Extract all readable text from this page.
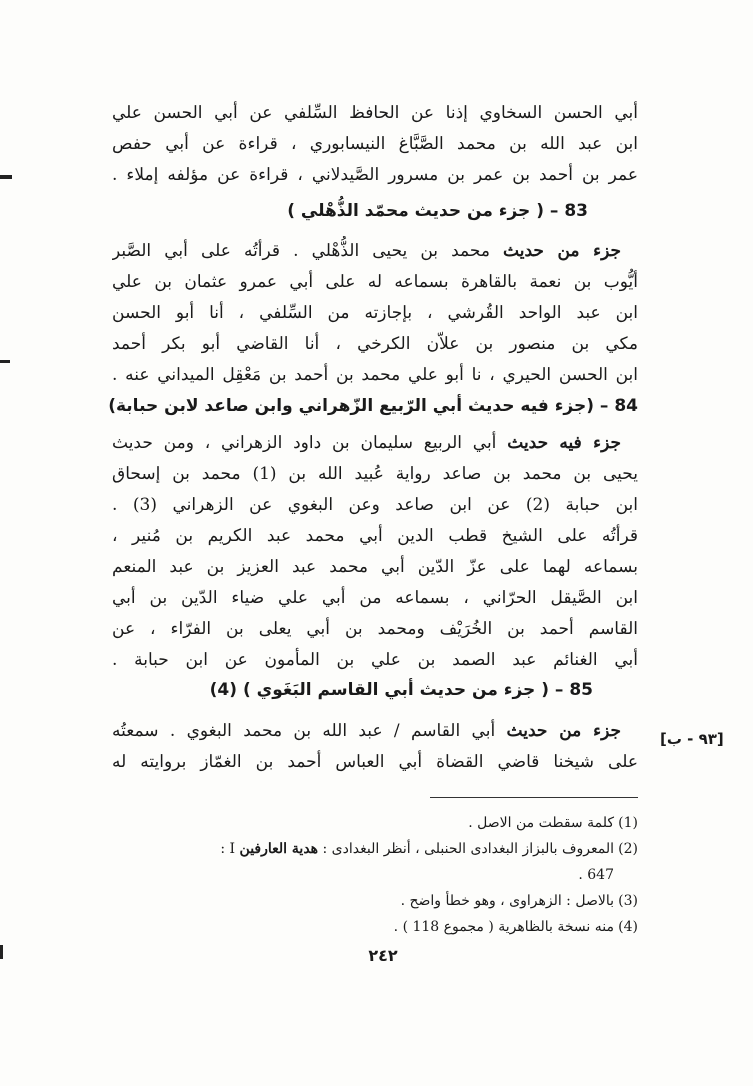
أبي الحسن السخاوي إذنا عن الحافظ السِّلفي عن أبي الحسن علي
ابن عبد الله بن محمد الصَّبَّاغ النيسابوري ، قراءة عن أبي حفص
عمر بن أحمد بن عمر بن مسرور الصَّيدلاني ، قراءة عن مؤلفه إملاء .
83 – ( جزء من حديث محمّد الذُّهْلي )
 جزء من حديث محمد بن يحيى الذُّهْلي . قرأتُه على أبي الصَّبر
أيُّوب بن نعمة بالقاهرة بسماعه له على أبي عمرو عثمان بن علي
ابن عبد الواحد القُرشي ، بإجازته من السِّلفي ، أنا أبو الحسن
مكي بن منصور بن علاّن الكرخي ، أنا القاضي أبو بكر أحمد
ابن الحسن الحيري ، نا أبو علي محمد بن أحمد بن مَعْقِل الميداني عنه .
84 – (جزء فيه حديث أبي الرّبيع الزّهراني وابن صاعد لابن حبابة)
 جزء فيه حديث أبي الربيع سليمان بن داود الزهراني ، ومن حديث
يحيى بن محمد بن صاعد رواية عُبيد الله بن (1) محمد بن إسحاق
ابن حبابة (2) عن ابن صاعد وعن البغوي عن الزهراني (3) .
قرأتُه على الشيخ قطب الدين أبي محمد عبد الكريم بن مُنير ،
بسماعه لهما على عزّ الدّين أبي محمد عبد العزيز بن عبد المنعم
ابن الصَّيقل الحرّاني ، بسماعه من أبي علي ضياء الدّين بن أبي
القاسم أحمد بن الخُرَيْف ومحمد بن أبي يعلى بن الفرّاء ، عن
أبي الغنائم عبد الصمد بن علي بن المأمون عن ابن حبابة .
85 – ( جزء من حديث أبي القاسم البَغَوي ) (4)
 جزء من حديث أبي القاسم / عبد الله بن محمد البغوي . سمعتُه
على شيخنا قاضي القضاة أبي العباس أحمد بن الغمّاز بروايته له
[٩٣ - ب]
(1)كلمة سقطت من الاصل .
(2)المعروف بالبزاز البغدادى الحنبلى ، أنظر البغدادى : هدية العارفين I :
647 .
(3)بالاصل : الزهراوى ، وهو خطأ واضح .
(4)منه نسخة بالظاهرية ( مجموع 118 ) .
٢٤٢
